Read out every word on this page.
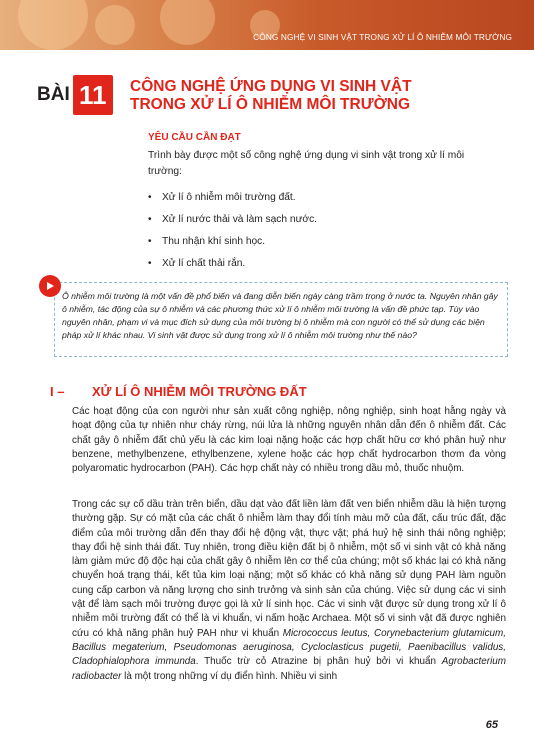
CÔNG NGHỆ VI SINH VẬT TRONG XỬ LÍ Ô NHIỄM MÔI TRƯỜNG
BÀI 11	CÔNG NGHỆ ỨNG DỤNG VI SINH VẬT
TRONG XỬ LÍ Ô NHIỄM MÔI TRƯỜNG
YÊU CẦU CẦN ĐẠT
Trình bày được một số công nghệ ứng dụng vi sinh vật trong xử lí môi trường:
•	Xử lí ô nhiễm môi trường đất.
•	Xử lí nước thải và làm sạch nước.
•	Thu nhận khí sinh học.
•	Xử lí chất thải rắn.
Ô nhiễm môi trường là một vấn đề phổ biến và đang diễn biến ngày càng trầm trọng ở nước ta. Nguyên nhân gây ô nhiễm, tác động của sự ô nhiễm và các phương thức xử lí ô nhiễm môi trường là vấn đề phức tạp. Tùy vào nguyên nhân, phạm vi và mục đích sử dụng của môi trường bị ô nhiễm mà con người có thể sử dụng các biện pháp xử lí khác nhau. Vi sinh vật được sử dụng trong xử lí ô nhiễm môi trường như thế nào?
I –	XỬ LÍ Ô NHIỄM MÔI TRƯỜNG ĐẤT

Các hoạt động của con người như sản xuất công nghiệp, nông nghiệp, sinh hoạt hằng ngày và hoạt động của tự nhiên như cháy rừng, núi lửa là những nguyên nhân dẫn đến ô nhiễm đất. Các chất gây ô nhiễm đất chủ yếu là các kim loại nặng hoặc các hợp chất hữu cơ khó phân huỷ như benzene, methylbenzene, ethylbenzene, xylene hoặc các hợp chất hydrocarbon thơm đa vòng polyaromatic hydrocarbon (PAH). Các hợp chất này có nhiều trong dầu mỏ, thuốc nhuộm.

Trong các sự cố dầu tràn trên biển, dầu dạt vào đất liền làm đất ven biển nhiễm dầu là hiện tượng thường gặp. Sự có mặt của các chất ô nhiễm làm thay đổi tính màu mỡ của đất, cấu trúc đất, đặc điểm của môi trường dẫn đến thay đổi hệ động vật, thực vật; phá huỷ hệ sinh thái nông nghiệp; thay đổi hệ sinh thái đất. Tuy nhiên, trong điều kiện đất bị ô nhiễm, một số vi sinh vật có khả năng làm giảm mức độ độc hại của chất gây ô nhiễm lên cơ thể của chúng; một số khác lại có khả năng chuyển hoá trạng thái, kết tủa kim loại nặng; một số khác có khả năng sử dụng PAH làm nguồn cung cấp carbon và năng lượng cho sinh trưởng và sinh sản của chúng. Việc sử dụng các vi sinh vật để làm sạch môi trường được gọi là xử lí sinh học. Các vi sinh vật được sử dụng trong xử lí ô nhiễm môi trường đất có thể là vi khuẩn, vi nấm hoặc Archaea. Một số vi sinh vật đã được nghiên cứu có khả năng phân huỷ PAH như vi khuẩn Micrococcus leutus, Corynebacterium glutamicum, Bacillus megaterium, Pseudomonas aeruginosa, Cycloclasticus pugetii, Paenibacillus validus, Cladophialophora immunda. Thuốc trừ cỏ Atrazine bị phân huỷ bởi vi khuẩn Agrobacterium radiobacter là một trong những ví dụ điển hình. Nhiều vi sinh

65
